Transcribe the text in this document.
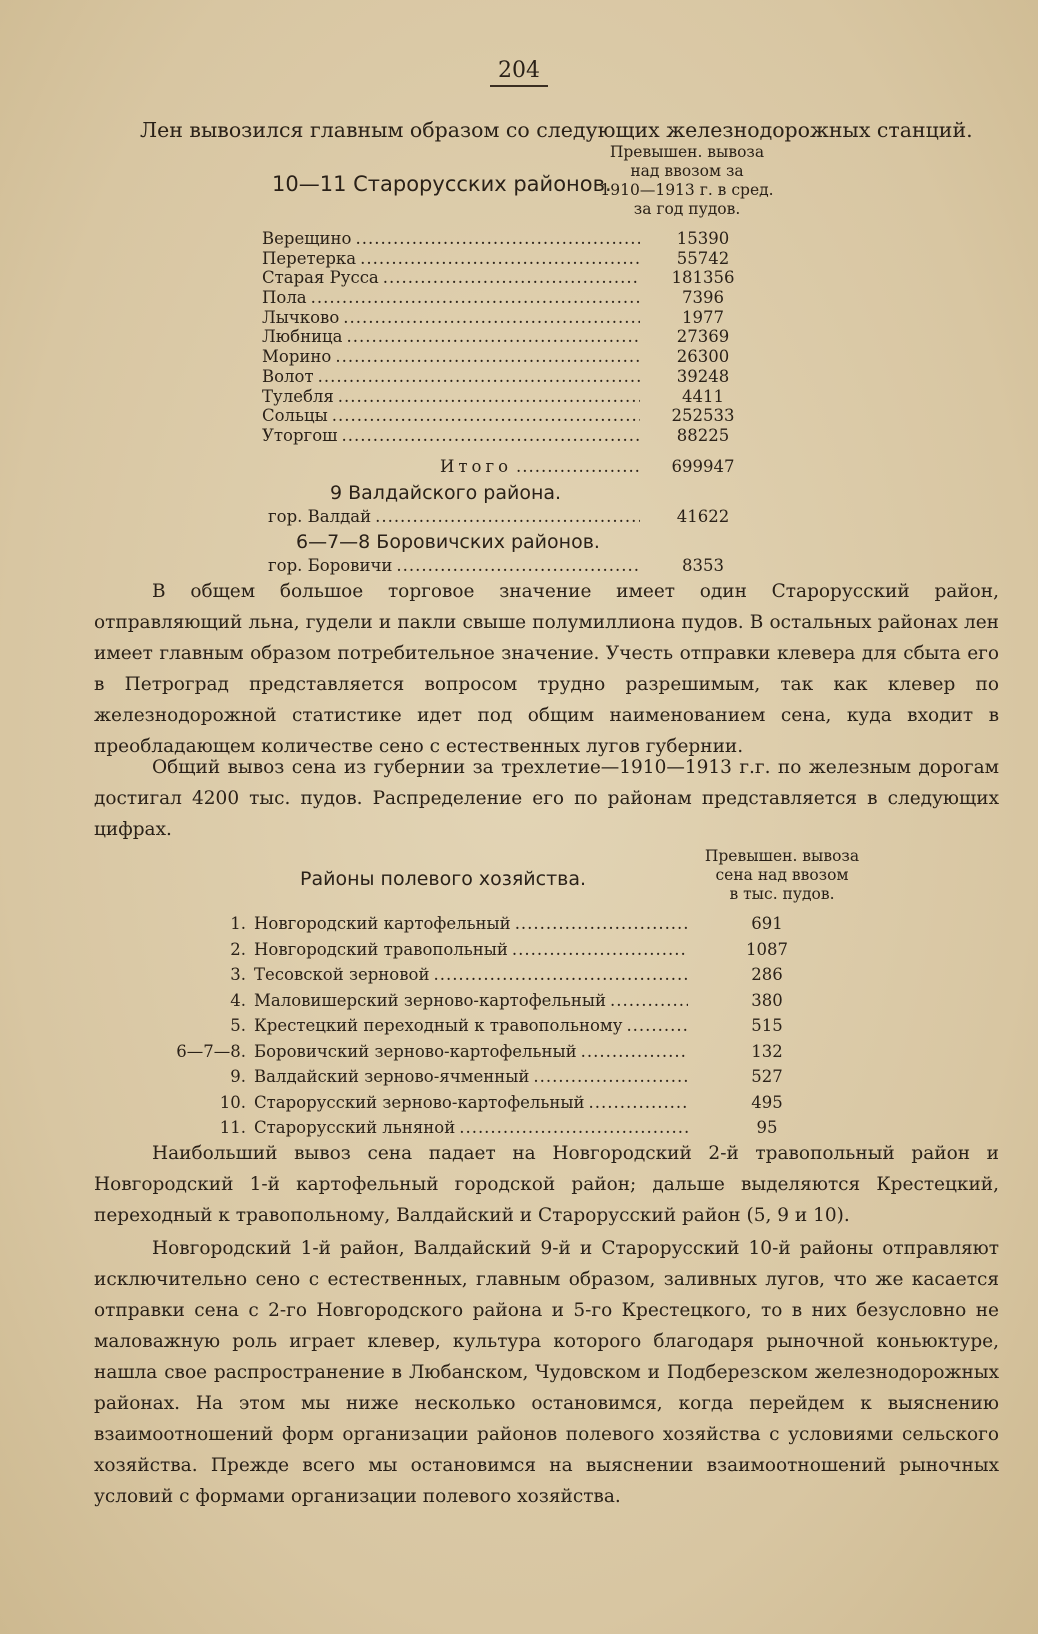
204
Лен вывозился главным образом со следующих железнодорожных станций.
10—11 Старорусских районов.
Превышен. вывоза
над ввозом за
1910—1913 г. в сред.
за год пудов.
Верещино .....	15390
Перетерка .....	55742
Старая Русса .....	181356
Пола .....	7396
Лычково .....	1977
Любница .....	27369
Морино .....	26300
Волот .....	39248
Тулебля .....	4411
Сольцы .....	252533
Уторгош .....	88225
Итого .....	699947
9 Валдайского района.
гор. Валдай .....	41622
6—7—8 Боровичских районов.
гор. Боровичи .....	8353

В общем большое торговое значение имеет один Старорусский район, отправляющий льна, гудели и пакли свыше полумиллиона пудов. В остальных районах лен имеет главным образом потребительное значение. Учесть отправки клевера для сбыта его в Петроград представляется вопросом трудно разрешимым, так как клевер по железнодорожной статистике идет под общим наименованием сена, куда входит в преобладающем количестве сено с естественных лугов губернии.

Общий вывоз сена из губернии за трехлетие—1910—1913 г.г. по железным дорогам достигал 4200 тыс. пудов. Распределение его по районам представляется в следующих цифрах.

Районы полевого хозяйства.
Превышен. вывоза
сена над ввозом
в тыс. пудов.
1. Новгородский картофельный .....	691
2. Новгородский травопольный .....	1087
3. Тесовской зерновой .....	286
4. Маловишерский зерново-картофельный .....	380
5. Крестецкий переходный к травопольному .....	515
6—7—8. Боровичский зерново-картофельный .....	132
9. Валдайский зерново-ячменный .....	527
10. Старорусский зерново-картофельный .....	495
11. Старорусский льняной .....	95

Наибольший вывоз сена падает на Новгородский 2-й травопольный район и Новгородский 1-й картофельный городской район; дальше выделяются Крестецкий, переходный к травопольному, Валдайский и Старорусский район (5, 9 и 10).

Новгородский 1-й район, Валдайский 9-й и Старорусский 10-й районы отправляют исключительно сено с естественных, главным образом, заливных лугов, что же касается отправки сена с 2-го Новгородского района и 5-го Крестецкого, то в них безусловно не маловажную роль играет клевер, культура которого благодаря рыночной коньюктуре, нашла свое распространение в Любанском, Чудовском и Подберезском железнодорожных районах. На этом мы ниже несколько остановимся, когда перейдем к выяснению взаимоотношений форм организации районов полевого хозяйства с условиями сельского хозяйства. Прежде всего мы остановимся на выяснении взаимоотношений рыночных условий с формами организации полевого хозяйства.
